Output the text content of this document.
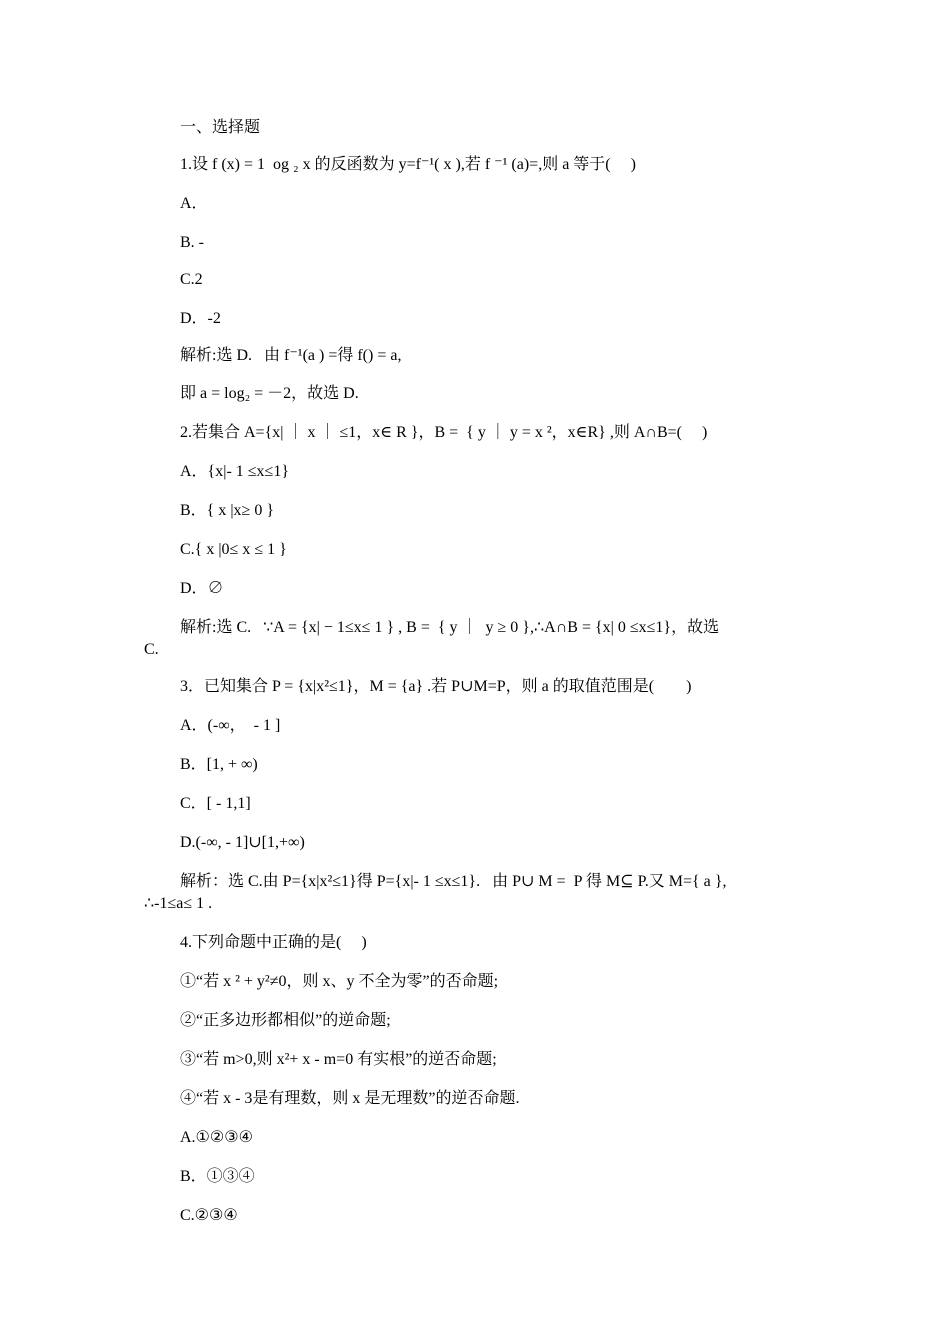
一、选择题
1.设 f (x) = 1  og ₂ x 的反函数为 y=f⁻¹( x ),若 f ⁻¹ (a)=,则 a 等于(     )
A．
B. -
C.2
D．-2
解析:选 D.   由 f⁻¹(a ) =得 f() = a,
即 a = log₂ = －2，故选 D.
2.若集合 A={x| ｜ x ｜ ≤1，x∈ R }，B =  { y ｜ y = x ²，x∈R} ,则 A∩B=(     )
A．{x|- 1 ≤x≤1}
B．{ x |x≥ 0 }
C.{ x |0≤ x ≤ 1 }
D．∅
解析:选 C.   ∵A = {x| − 1≤x≤ 1 } , B =  { y ｜  y ≥ 0 },∴A∩B = {x| 0 ≤x≤1}，故选
C.
3．已知集合 P = {x|x²≤1}，M = {a} .若 P∪M=P，则 a 的取值范围是(        )
A．(-∞，  - 1 ]
B．[1, + ∞)
C．[ - 1,1]
D.(-∞, - 1]∪[1,+∞)
解析：选 C.由 P={x|x²≤1}得 P={x|- 1 ≤x≤1}.   由 P∪ M =  P 得 M⊆ P.又 M={ a },
∴-1≤a≤ 1 .
4.下列命题中正确的是(     )
①“若 x ² + y²≠0，则 x、y 不全为零”的否命题;
②“正多边形都相似”的逆命题;
③“若 m>0,则 x²+ x - m=0 有实根”的逆否命题;
④“若 x - 3是有理数，则 x 是无理数”的逆否命题.
A.①②③④
B．①③④
C.②③④
